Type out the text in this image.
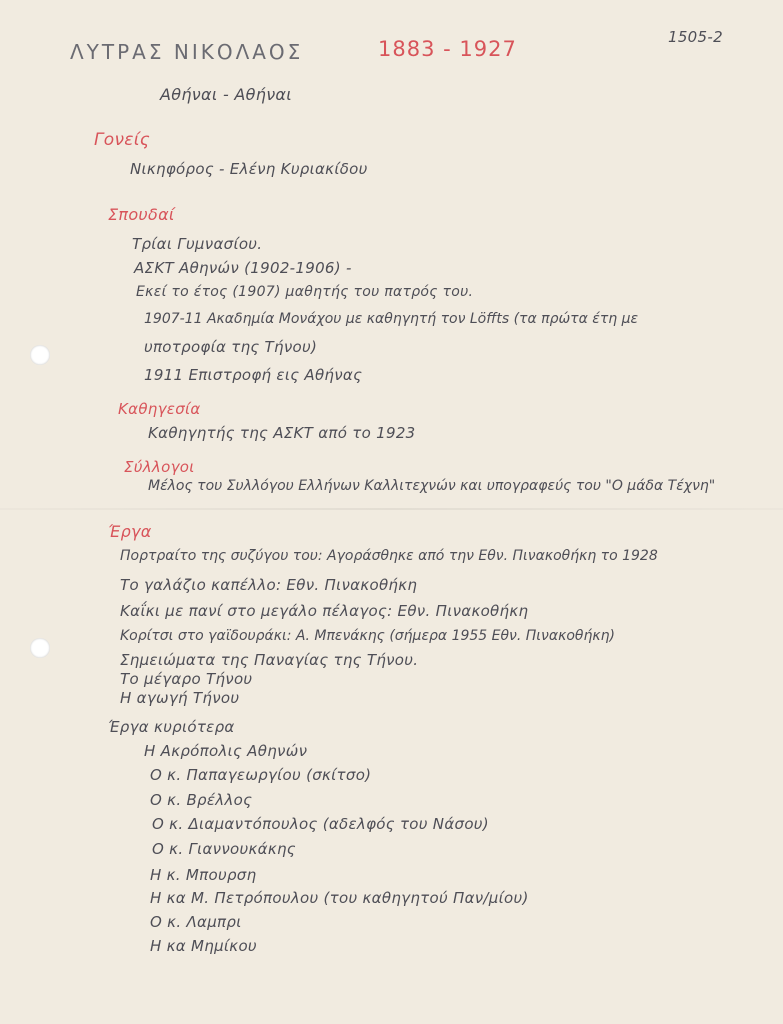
1505-2
ΛΥΤΡΑΣ ΝΙΚΟΛΑΟΣ	1883 - 1927
Αθήναι - Αθήναι
Γονείς
Νικηφόρος - Ελένη Κυριακίδου
Σπουδαί
Τρίαι Γυμνασίου.
ΑΣΚΤ Αθηνών (1902-1906) -
Εκεί το έτος (1907) μαθητής του πατρός του.
1907-11 Ακαδημία Μονάχου με καθηγητή τον Löffts (τα πρώτα έτη με
υποτροφία της Τήνου)
1911 Επιστροφή εις Αθήνας
Καθηγεσία
Καθηγητής της ΑΣΚΤ από το 1923
Σύλλογοι
Μέλος του Συλλόγου Ελλήνων Καλλιτεχνών και υπογραφεύς του "Ο μάδα Τέχνη"
Έργα
Πορτραίτο της συζύγου του: Αγοράσθηκε από την Εθν. Πινακοθήκη το 1928
Το γαλάζιο καπέλλο: Εθν. Πινακοθήκη
Καΐκι με πανί στο μεγάλο πέλαγος: Εθν. Πινακοθήκη
Κορίτσι στο γαϊδουράκι: Α. Μπενάκης (σήμερα 1955 Εθν. Πινακοθήκη)
Σημειώματα της Παναγίας της Τήνου.
Το μέγαρο Τήνου
Η αγωγή Τήνου
Έργα κυριότερα
Η Ακρόπολις Αθηνών
Ο κ. Παπαγεωργίου (σκίτσο)
Ο κ. Βρέλλος
Ο κ. Διαμαντόπουλος (αδελφός του Νάσου)
Ο κ. Γιαννουκάκης
Η κ. Μπουρση
Η κα Μ. Πετρόπουλου (του καθηγητού Παν/μίου)
Ο κ. Λαμπρι
Η κα Μημίκου
